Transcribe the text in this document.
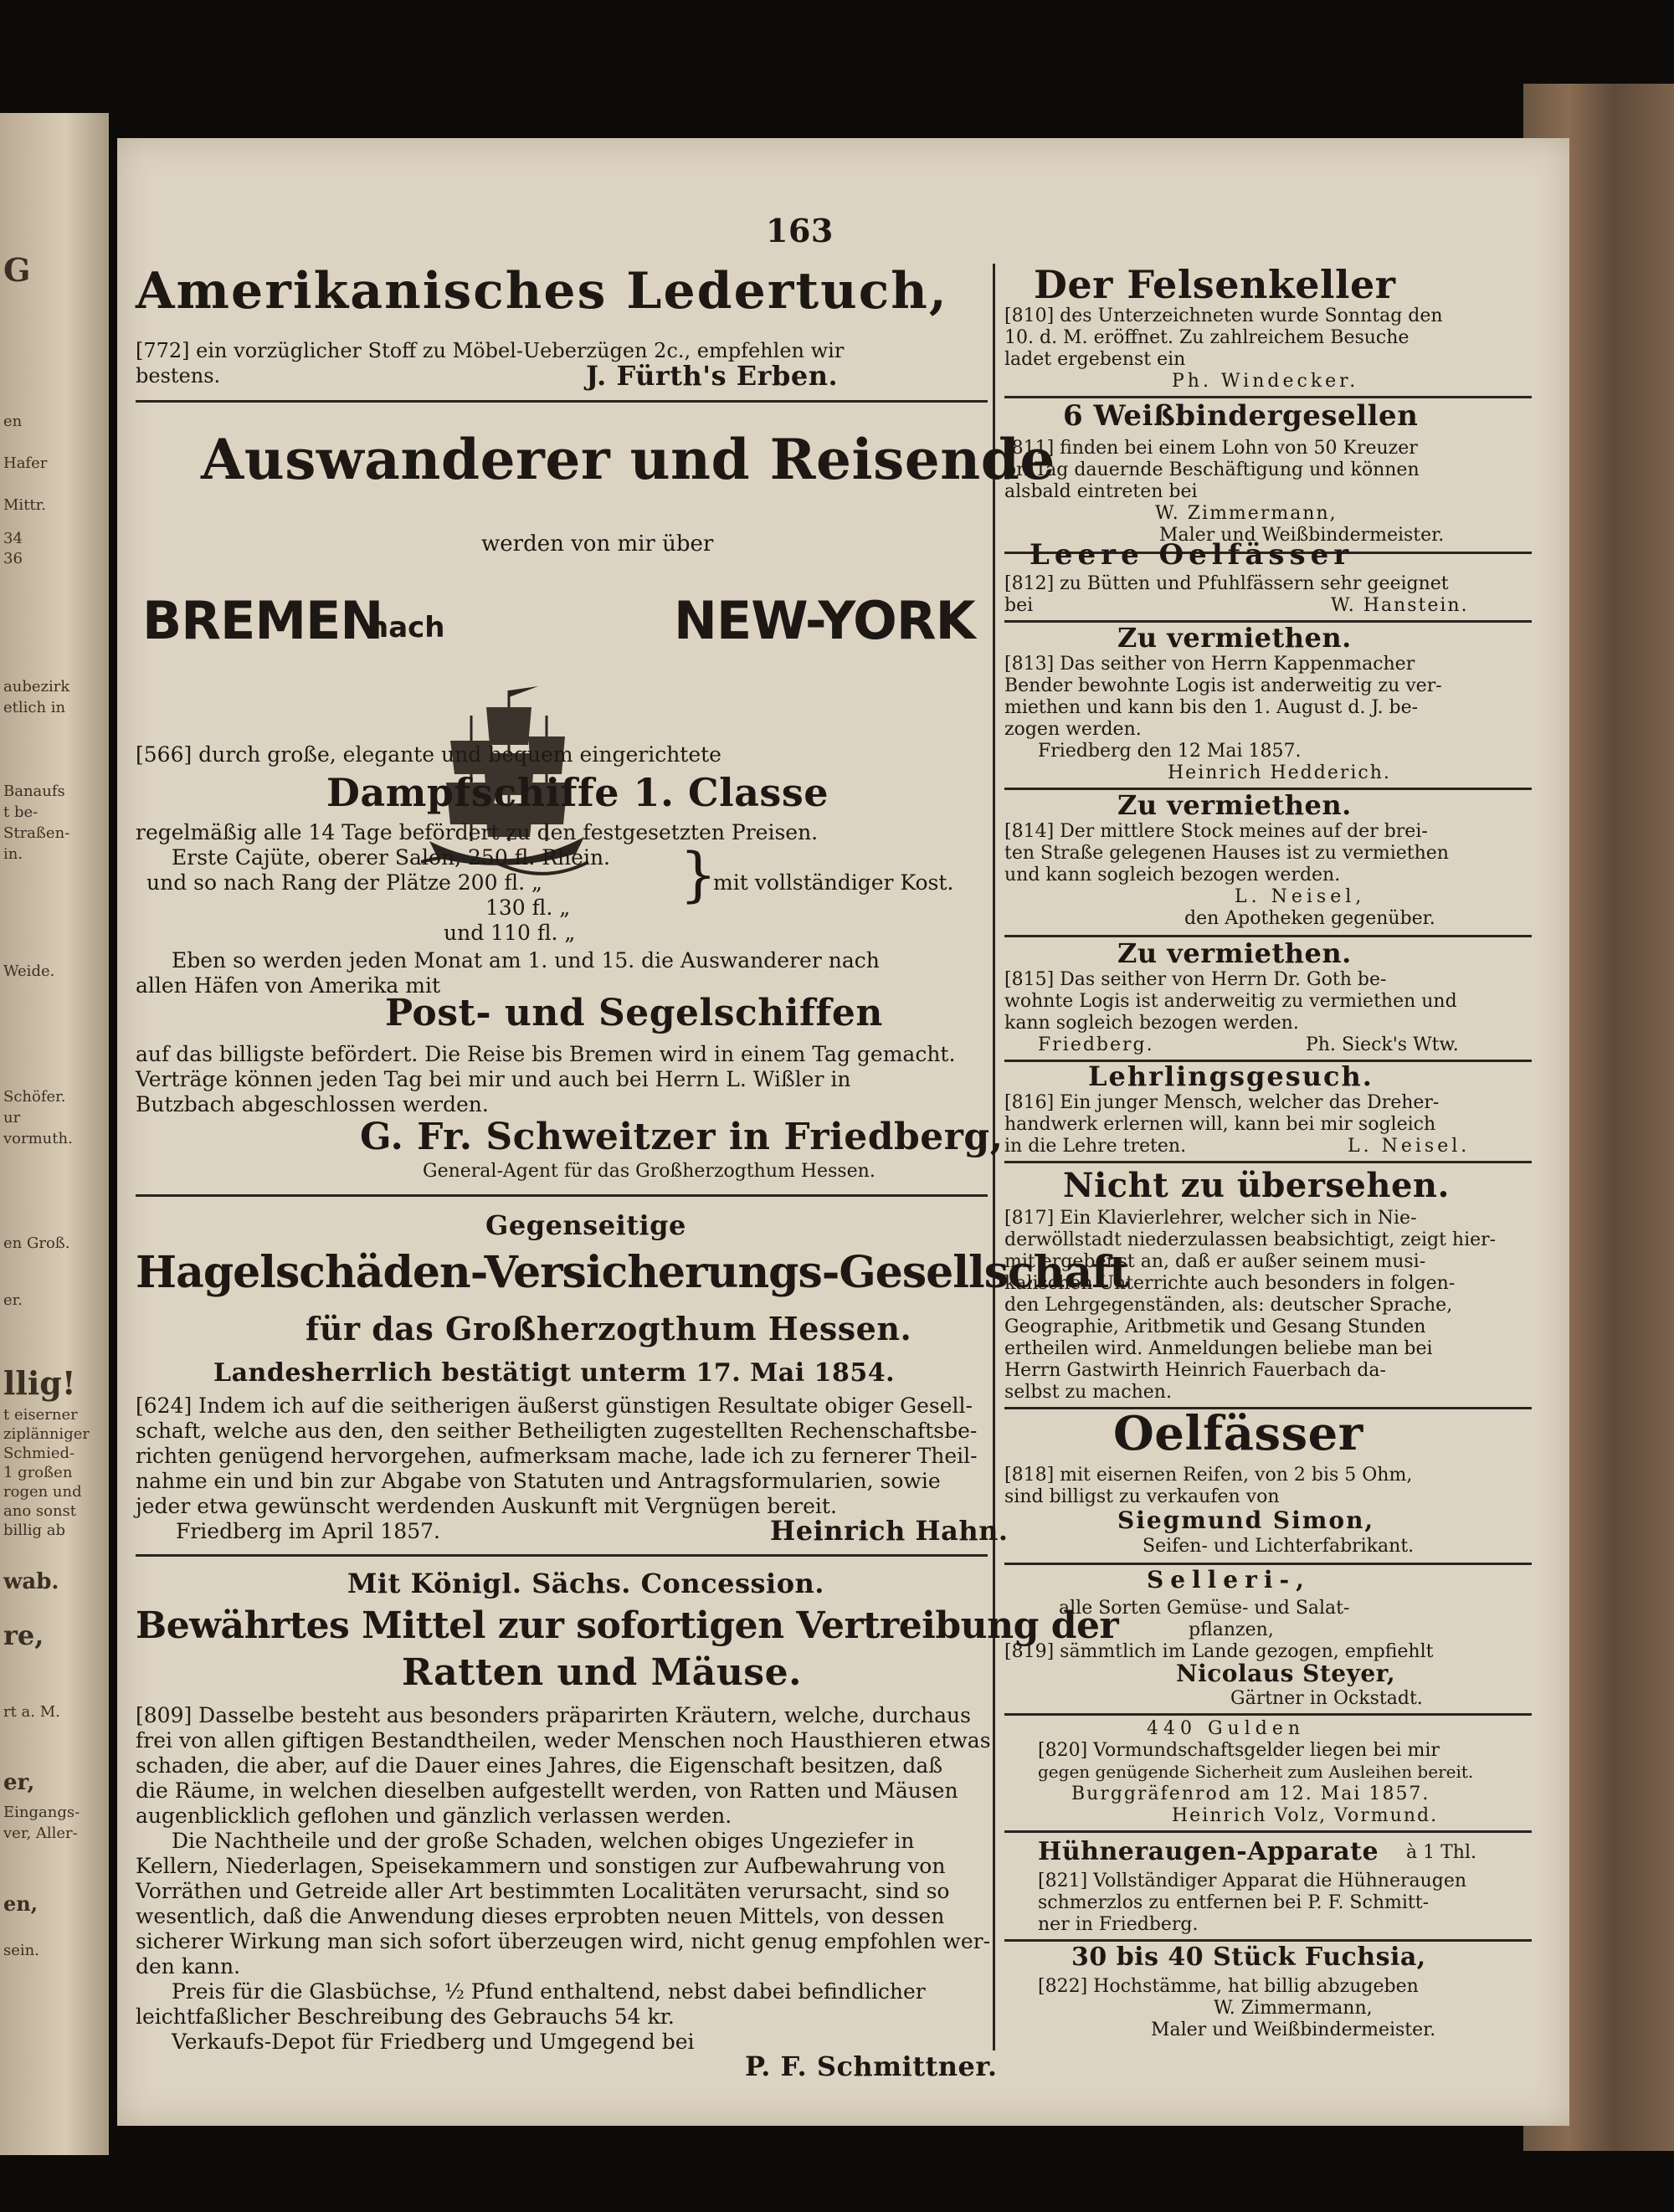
G
en
Hafer
Mittr.
34
36
aubezirk
etlich in
Banaufs
t be-
Straßen-
in.
Weide.
Schöfer.
ur
vormuth.
en Groß.
er.
llig!
t eiserner
ziplänniger
Schmied-
1 großen
rogen und
ano sonst
billig ab
wab.
re,
rt a. M.
er,
Eingangs-
ver, Aller-
en,
sein.
163
Amerikanisches Ledertuch,
[772] ein vorzüglicher Stoff zu Möbel-Ueberzügen 2c., empfehlen wir
bestens.	J. Fürth's Erben.
Auswanderer und Reisende
werden von mir über
BREMEN
nach	NEW-YORK
[566] durch große, elegante und bequem eingerichtete
Dampfschiffe 1. Classe
regelmäßig alle 14 Tage befördert zu den festgesetzten Preisen.
Erste Cajüte, oberer Salon, 250 fl. Rhein.
und so nach Rang der Plätze 200 fl. „
130 fl. „
und 110 fl. „
}
mit vollständiger Kost.
Eben so werden jeden Monat am 1. und 15. die Auswanderer nach
allen Häfen von Amerika mit
Post- und Segelschiffen
auf das billigste befördert. Die Reise bis Bremen wird in einem Tag gemacht.
Verträge können jeden Tag bei mir und auch bei Herrn L. Wißler in
Butzbach abgeschlossen werden.
G. Fr. Schweitzer in Friedberg,
General-Agent für das Großherzogthum Hessen.
Gegenseitige
Hagelschäden-Versicherungs-Gesellschaft
für das Großherzogthum Hessen.
Landesherrlich bestätigt unterm 17. Mai 1854.
[624] Indem ich auf die seitherigen äußerst günstigen Resultate obiger Gesell-
schaft, welche aus den, den seither Betheiligten zugestellten Rechenschaftsbe-
richten genügend hervorgehen, aufmerksam mache, lade ich zu fernerer Theil-
nahme ein und bin zur Abgabe von Statuten und Antragsformularien, sowie
jeder etwa gewünscht werdenden Auskunft mit Vergnügen bereit.
Friedberg im April 1857.	Heinrich Hahn.
Mit Königl. Sächs. Concession.
Bewährtes Mittel zur sofortigen Vertreibung der
Ratten und Mäuse.
[809] Dasselbe besteht aus besonders präparirten Kräutern, welche, durchaus
frei von allen giftigen Bestandtheilen, weder Menschen noch Hausthieren etwas
schaden, die aber, auf die Dauer eines Jahres, die Eigenschaft besitzen, daß
die Räume, in welchen dieselben aufgestellt werden, von Ratten und Mäusen
augenblicklich geflohen und gänzlich verlassen werden.
Die Nachtheile und der große Schaden, welchen obiges Ungeziefer in
Kellern, Niederlagen, Speisekammern und sonstigen zur Aufbewahrung von
Vorräthen und Getreide aller Art bestimmten Localitäten verursacht, sind so
wesentlich, daß die Anwendung dieses erprobten neuen Mittels, von dessen
sicherer Wirkung man sich sofort überzeugen wird, nicht genug empfohlen wer-
den kann.
Preis für die Glasbüchse, ½ Pfund enthaltend, nebst dabei befindlicher
leichtfaßlicher Beschreibung des Gebrauchs 54 kr.
Verkaufs-Depot für Friedberg und Umgegend bei
P. F. Schmittner.
Der Felsenkeller
[810] des Unterzeichneten wurde Sonntag den
10. d. M. eröffnet. Zu zahlreichem Besuche
ladet ergebenst ein
Ph. Windecker.
6 Weißbindergesellen
[811] finden bei einem Lohn von 50 Kreuzer
pr. Tag dauernde Beschäftigung und können
alsbald eintreten bei
W. Zimmermann,
Maler und Weißbindermeister.
Leere Oelfässer
[812] zu Bütten und Pfuhlfässern sehr geeignet
bei	W. Hanstein.
Zu vermiethen.
[813] Das seither von Herrn Kappenmacher
Bender bewohnte Logis ist anderweitig zu ver-
miethen und kann bis den 1. August d. J. be-
zogen werden.
Friedberg den 12 Mai 1857.
Heinrich Hedderich.
Zu vermiethen.
[814] Der mittlere Stock meines auf der brei-
ten Straße gelegenen Hauses ist zu vermiethen
und kann sogleich bezogen werden.
L. Neisel,
den Apotheken gegenüber.
Zu vermiethen.
[815] Das seither von Herrn Dr. Goth be-
wohnte Logis ist anderweitig zu vermiethen und
kann sogleich bezogen werden.
Friedberg.	Ph. Sieck's Wtw.
Lehrlingsgesuch.
[816] Ein junger Mensch, welcher das Dreher-
handwerk erlernen will, kann bei mir sogleich
in die Lehre treten.	L. Neisel.
Nicht zu übersehen.
[817] Ein Klavierlehrer, welcher sich in Nie-
derwöllstadt niederzulassen beabsichtigt, zeigt hier-
mit ergebenst an, daß er außer seinem musi-
kalischen Unterrichte auch besonders in folgen-
den Lehrgegenständen, als: deutscher Sprache,
Geographie, Aritbmetik und Gesang Stunden
ertheilen wird. Anmeldungen beliebe man bei
Herrn Gastwirth Heinrich Fauerbach da-
selbst zu machen.
Oelfässer
[818] mit eisernen Reifen, von 2 bis 5 Ohm,
sind billigst zu verkaufen von
Siegmund Simon,
Seifen- und Lichterfabrikant.
Selleri-,
alle Sorten Gemüse- und Salat-
pflanzen,
[819] sämmtlich im Lande gezogen, empfiehlt
Nicolaus Steyer,
Gärtner in Ockstadt.
440 Gulden
[820] Vormundschaftsgelder liegen bei mir
gegen genügende Sicherheit zum Ausleihen bereit.
Burggräfenrod am 12. Mai 1857.
Heinrich Volz, Vormund.
Hühneraugen-Apparate à 1 Thl.
[821] Vollständiger Apparat die Hühneraugen
schmerzlos zu entfernen bei P. F. Schmitt-
ner in Friedberg.
30 bis 40 Stück Fuchsia,
[822] Hochstämme, hat billig abzugeben
W. Zimmermann,
Maler und Weißbindermeister.
